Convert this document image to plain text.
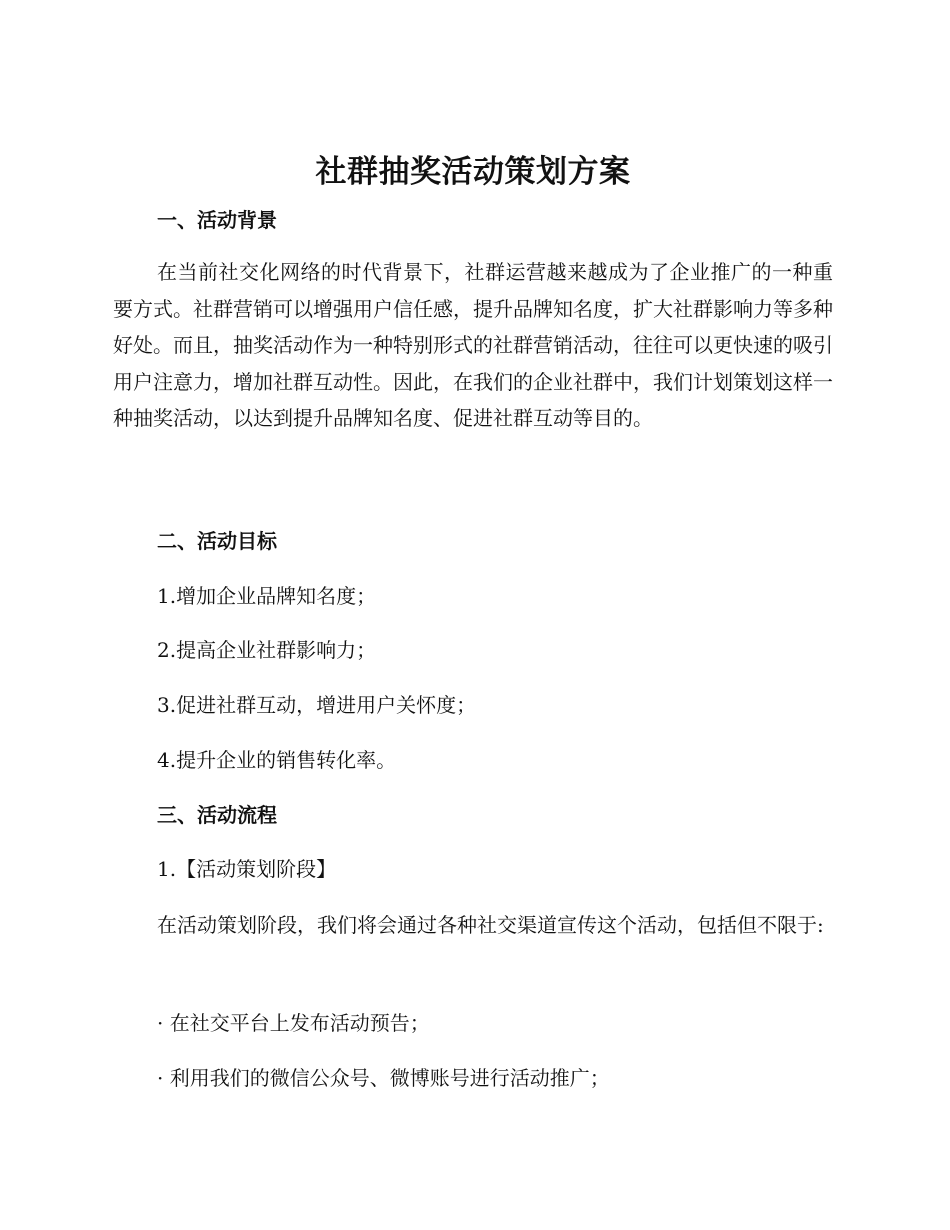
社群抽奖活动策划方案
一、活动背景
在当前社交化网络的时代背景下，社群运营越来越成为了企业推广的一种重要方式。社群营销可以增强用户信任感，提升品牌知名度，扩大社群影响力等多种好处。而且，抽奖活动作为一种特别形式的社群营销活动，往往可以更快速的吸引用户注意力，增加社群互动性。因此，在我们的企业社群中，我们计划策划这样一种抽奖活动，以达到提升品牌知名度、促进社群互动等目的。
二、活动目标
1.增加企业品牌知名度；
2.提高企业社群影响力；
3.促进社群互动，增进用户关怀度；
4.提升企业的销售转化率。
三、活动流程
1.【活动策划阶段】
在活动策划阶段，我们将会通过各种社交渠道宣传这个活动，包括但不限于:
· 在社交平台上发布活动预告；
· 利用我们的微信公众号、微博账号进行活动推广；
